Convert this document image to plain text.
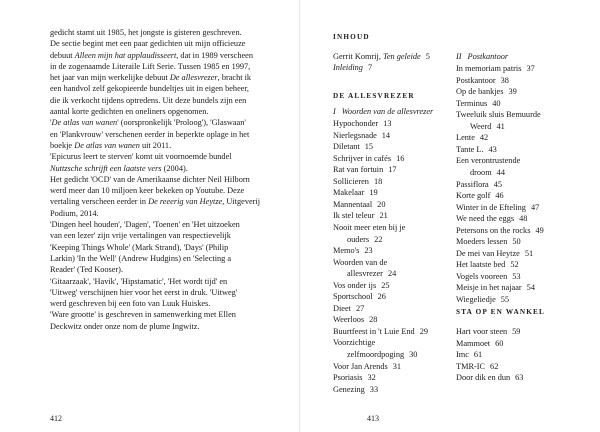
gedicht stamt uit 1985, het jongste is gisteren geschreven.
De sectie begint met een paar gedichten uit mijn officieuze
debuut Alleen mijn hat applaudisseert, dat in 1989 verscheen
in de zogenaamde Literaile Lift Serie. Tussen 1985 en 1997,
het jaar van mijn werkelijke debuut De allesvrezer, bracht ik
een handvol zelf gekopieerde bundeltjes uit in eigen beheer,
die ik verkocht tijdens optredens. Uit deze bundels zijn een
aantal korte gedichten en oneliners opgenomen.
'De atlas van wanen' (oorspronkelijk 'Proloog'), 'Glaswaan'
en 'Plankvrouw' verschenen eerder in beperkte oplage in het
boekje De atlas van wanen uit 2011.
'Epicurus leert te sterven' komt uit voornoemde bundel
Nuttzsche schrijft een laatste vers (2004).
Het gedicht 'OCD' van de Amerikaanse dichter Neil Hilborn
werd meer dan 10 miljoen keer bekeken op Youtube. Deze
vertaling verscheen eerder in De reeerig van Heytze, Uitgeverij
Podium, 2014.
'Dingen heel houden', 'Dagen', 'Toenen' en 'Het uitzoeken
van een lezer' zijn vrije vertalingen van respectievelijk
'Keeping Things Whole' (Mark Strand), 'Days' (Philip
Larkin) 'In the Well' (Andrew Hudgins) en 'Selecting a
Reader' (Ted Kooser).
'Gitaarzaak', 'Havik', 'Hipstamatic', 'Het wordt tijd' en
'Uitweg' verschijnen hier voor het eerst in druk. 'Uitweg'
werd geschreven bij een foto van Luuk Huiskes.
'Ware grootte' is geschreven in samenwerking met Ellen
Deckwitz onder onze nom de plume Ingwitz.
412
INHOUD
Gerrit Komrij, Ten geleide 5
Inleiding 7
DE ALLESVREZER
I Woorden van de allesvrezer
Hypochonder 13
Nierlegsnade 14
Diletant 15
Schrijver in cafés 16
Rat van fortuin 17
Sollicieren 18
Makelaar 19
Mannentaal 20
Ik stel teleur 21
Nooit meer eten bij je
ouders 22
Memo's 23
Woorden van de
allesvrezer 24
Vos onder ijs 25
Sportschool 26
Dieet 27
Weerloos 28
Buurtfeest in 't Luie End 29
Voorzichtige
zelfmoordpoging 30
Voor Jan Arends 31
Psoriasis 32
Genezing 33
II Postkantoor
STA OP EN WANKEL
In memoriam patris 37
Postkantoor 38
Op de bankjes 39
Terminus 40
Tweeluik sluis Bemuurde
Weerd 41
Lente 42
Tante L. 43
Een verontrustende
droom 44
Passiflora 45
Korte golf 46
Winter in de Efteling 47
We need the eggs 48
Petersons on the rocks 49
Moeders lessen 50
De mei van Heytze 51
Het laatste bed 52
Vogels vooreen 53
Meisje in het najaar 54
Wiegeliedje 55
Hart voor steen 59
Mammoet 60
Imc 61
TMR-IC 62
Door dik en dun 63
413
